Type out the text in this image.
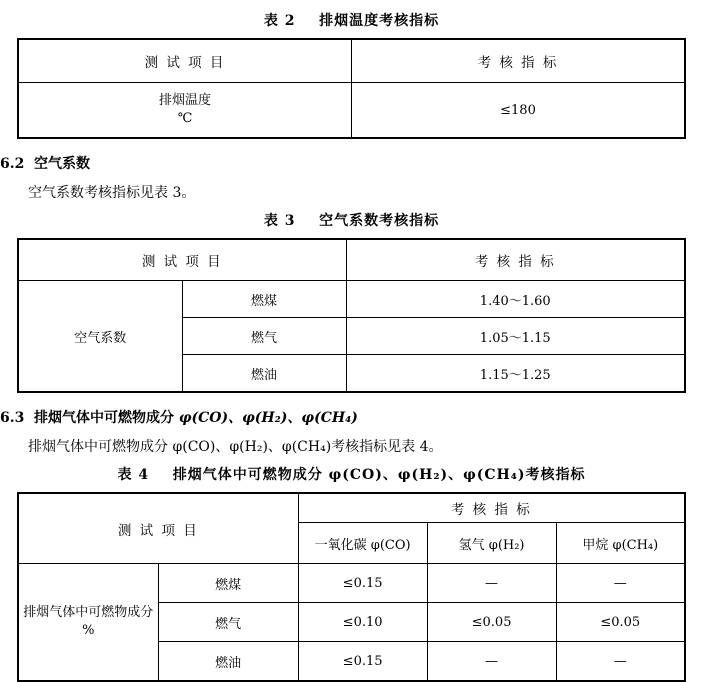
表 2 排烟温度考核指标
测 试 项 目	考 核 指 标

排烟温度
℃	≤180
6.2 空气系数
空气系数考核指标见表 3。
表 3 空气系数考核指标
测 试 项 目		考 核 指 标
空气系数	燃煤	1.40～1.60
	燃气	1.05～1.15
	燃油	1.15～1.25
6.3 排烟气体中可燃物成分 φ(CO)、φ(H₂)、φ(CH₄)
排烟气体中可燃物成分 φ(CO)、φ(H₂)、φ(CH₄)考核指标见表 4。
表 4 排烟气体中可燃物成分 φ(CO)、φ(H₂)、φ(CH₄)考核指标
测 试 项 目		考 核 指 标		
		一氧化碳 φ(CO)	氢气 φ(H₂)	甲烷 φ(CH₄)

排烟气体中可燃物成分
%	燃煤	≤0.15	—	—
	燃气	≤0.10	≤0.05	≤0.05
	燃油	≤0.15	—	—
